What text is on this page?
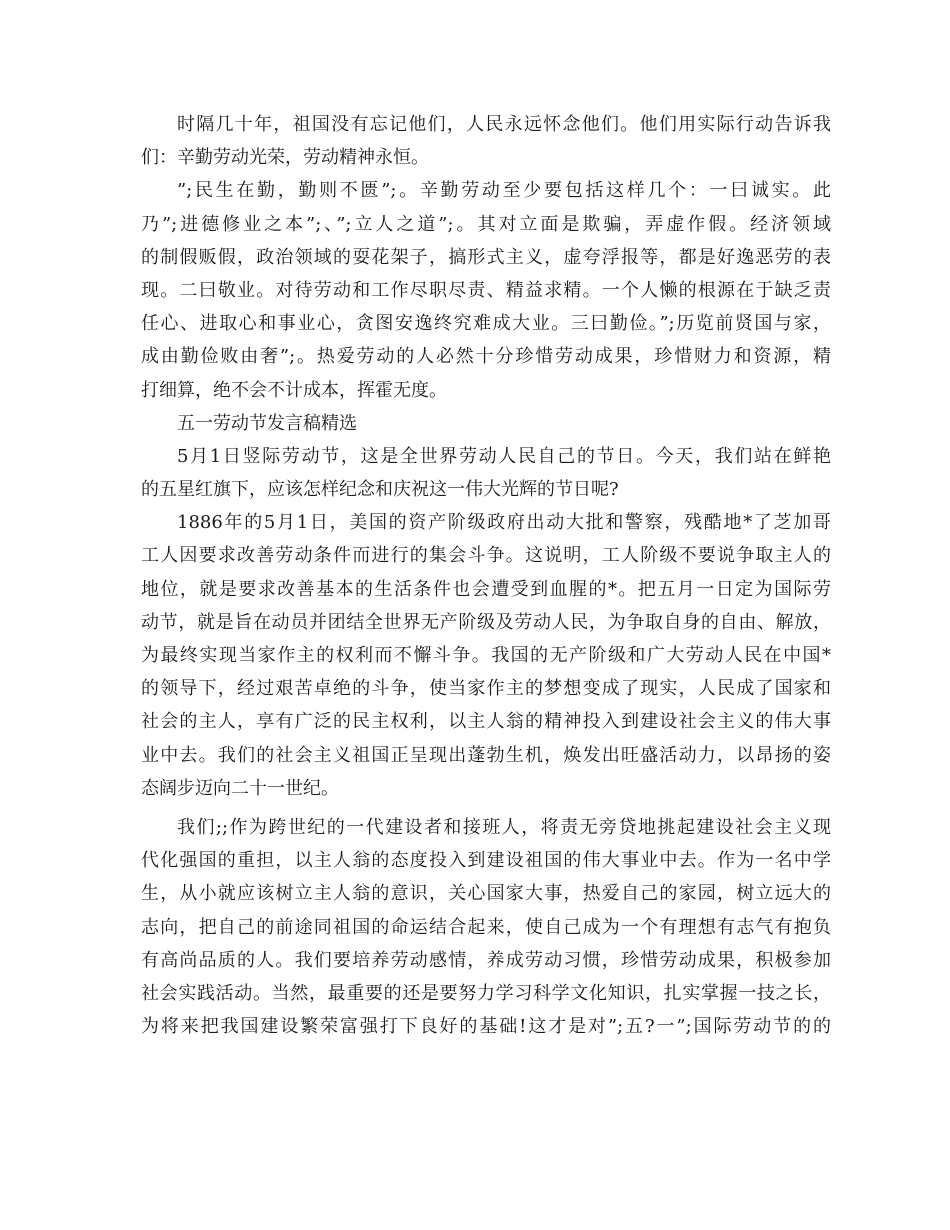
时隔几十年，祖国没有忘记他们，人民永远怀念他们。他们用实际行动告诉我
们：辛勤劳动光荣，劳动精神永恒。
”;民生在勤，勤则不匮”;。辛勤劳动至少要包括这样几个：一曰诚实。此
乃”;进德修业之本”;、”;立人之道”;。其对立面是欺骗，弄虚作假。经济领域
的制假贩假，政治领域的耍花架子，搞形式主义，虚夸浮报等，都是好逸恶劳的表
现。二曰敬业。对待劳动和工作尽职尽责、精益求精。一个人懒的根源在于缺乏责
任心、进取心和事业心，贪图安逸终究难成大业。三曰勤俭。”;历览前贤国与家，
成由勤俭败由奢”;。热爱劳动的人必然十分珍惜劳动成果，珍惜财力和资源，精
打细算，绝不会不计成本，挥霍无度。
五一劳动节发言稿精选
5月1日竖际劳动节，这是全世界劳动人民自己的节日。今天，我们站在鲜艳
的五星红旗下，应该怎样纪念和庆祝这一伟大光辉的节日呢?
1886年的5月1日，美国的资产阶级政府出动大批和警察，残酷地*了芝加哥
工人因要求改善劳动条件而进行的集会斗争。这说明，工人阶级不要说争取主人的
地位，就是要求改善基本的生活条件也会遭受到血腥的*。把五月一日定为国际劳
动节，就是旨在动员并团结全世界无产阶级及劳动人民，为争取自身的自由、解放，
为最终实现当家作主的权利而不懈斗争。我国的无产阶级和广大劳动人民在中国*
的领导下，经过艰苦卓绝的斗争，使当家作主的梦想变成了现实，人民成了国家和
社会的主人，享有广泛的民主权利，以主人翁的精神投入到建设社会主义的伟大事
业中去。我们的社会主义祖国正呈现出蓬勃生机，焕发出旺盛活动力，以昂扬的姿
态阔步迈向二十一世纪。
我们;;作为跨世纪的一代建设者和接班人，将责无旁贷地挑起建设社会主义现
代化强国的重担，以主人翁的态度投入到建设祖国的伟大事业中去。作为一名中学
生，从小就应该树立主人翁的意识，关心国家大事，热爱自己的家园，树立远大的
志向，把自己的前途同祖国的命运结合起来，使自己成为一个有理想有志气有抱负
有高尚品质的人。我们要培养劳动感情，养成劳动习惯，珍惜劳动成果，积极参加
社会实践活动。当然，最重要的还是要努力学习科学文化知识，扎实掌握一技之长，
为将来把我国建设繁荣富强打下良好的基础!这才是对”;五?一”;国际劳动节的的
